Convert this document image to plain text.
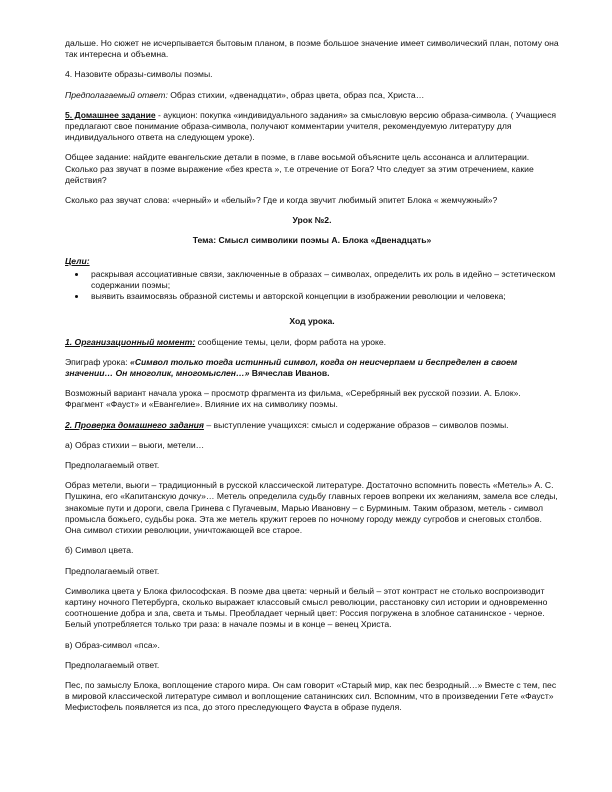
дальше. Но сюжет не исчерпывается бытовым планом, в поэме большое значение имеет символический план, потому она так интересна и объемна.

4. Назовите образы-символы поэмы.

Предполагаемый ответ: Образ стихии, «двенадцати», образ цвета, образ пса, Христа…

5. Домашнее задание - аукцион: покупка «индивидуального задания» за смысловую версию образа-символа. ( Учащиеся предлагают свое понимание образа-символа, получают комментарии учителя, рекомендуемую литературу для индивидуального ответа на следующем уроке).

Общее задание: найдите евангельские детали в поэме, в главе восьмой объясните цель ассонанса и аллитерации. Сколько раз звучат в поэме выражение «без креста », т.е отречение от Бога? Что следует за этим отречением, какие действия?

Сколько раз звучат слова: «черный» и «белый»? Где и когда звучит любимый эпитет Блока « жемчужный»?

Урок №2.

Тема: Смысл символики поэмы А. Блока «Двенадцать»

Цели:

• раскрывая ассоциативные связи, заключенные в образах – символах, определить их роль в идейно – эстетическом содержании поэмы;
• выявить взаимосвязь образной системы и авторской концепции в изображении революции и человека;

Ход урока.

1. Организационный момент: сообщение темы, цели, форм работа на уроке.

Эпиграф урока: «Символ только тогда истинный символ, когда он неисчерпаем и беспределен в своем значении… Он многолик, многомыслен…» Вячеслав Иванов.

Возможный вариант начала урока – просмотр фрагмента из фильма, «Серебряный век русской поэзии. А. Блок». Фрагмент «Фауст» и «Евангелие». Влияние их на символику поэмы.

2. Проверка домашнего задания – выступление учащихся: смысл и содержание образов – символов поэмы.

а) Образ стихии – вьюги, метели…

Предполагаемый ответ.

Образ метели, вьюги – традиционный в русской классической литературе. Достаточно вспомнить повесть «Метель» А. С. Пушкина, его «Капитанскую дочку»… Метель определила судьбу главных героев вопреки их желаниям, замела все следы, знакомые пути и дороги, свела Гринева с Пугачевым, Марью Ивановну – с Бурминым. Таким образом, метель - символ промысла божьего, судьбы рока. Эта же метель кружит героев по ночному городу между сугробов и снеговых столбов. Она символ стихии революции, уничтожающей все старое.

б) Символ цвета.

Предполагаемый ответ.

Символика цвета у Блока философская. В поэме два цвета: черный и белый – этот контраст не столько воспроизводит картину ночного Петербурга, сколько выражает классовый смысл революции, расстановку сил истории и одновременно соотношение добра и зла, света и тьмы. Преобладает черный цвет: Россия погружена в злобное сатанинское - черное. Белый употребляется только три раза: в начале поэмы и в конце – венец Христа.

в) Образ-символ «пса».

Предполагаемый ответ.

Пес, по замыслу Блока, воплощение старого мира. Он сам говорит «Старый мир, как пес безродный…» Вместе с тем, пес в мировой классической литературе символ и воплощение сатанинских сил. Вспомним, что в произведении Гете «Фауст» Мефистофель появляется из пса, до этого преследующего Фауста в образе пуделя.
